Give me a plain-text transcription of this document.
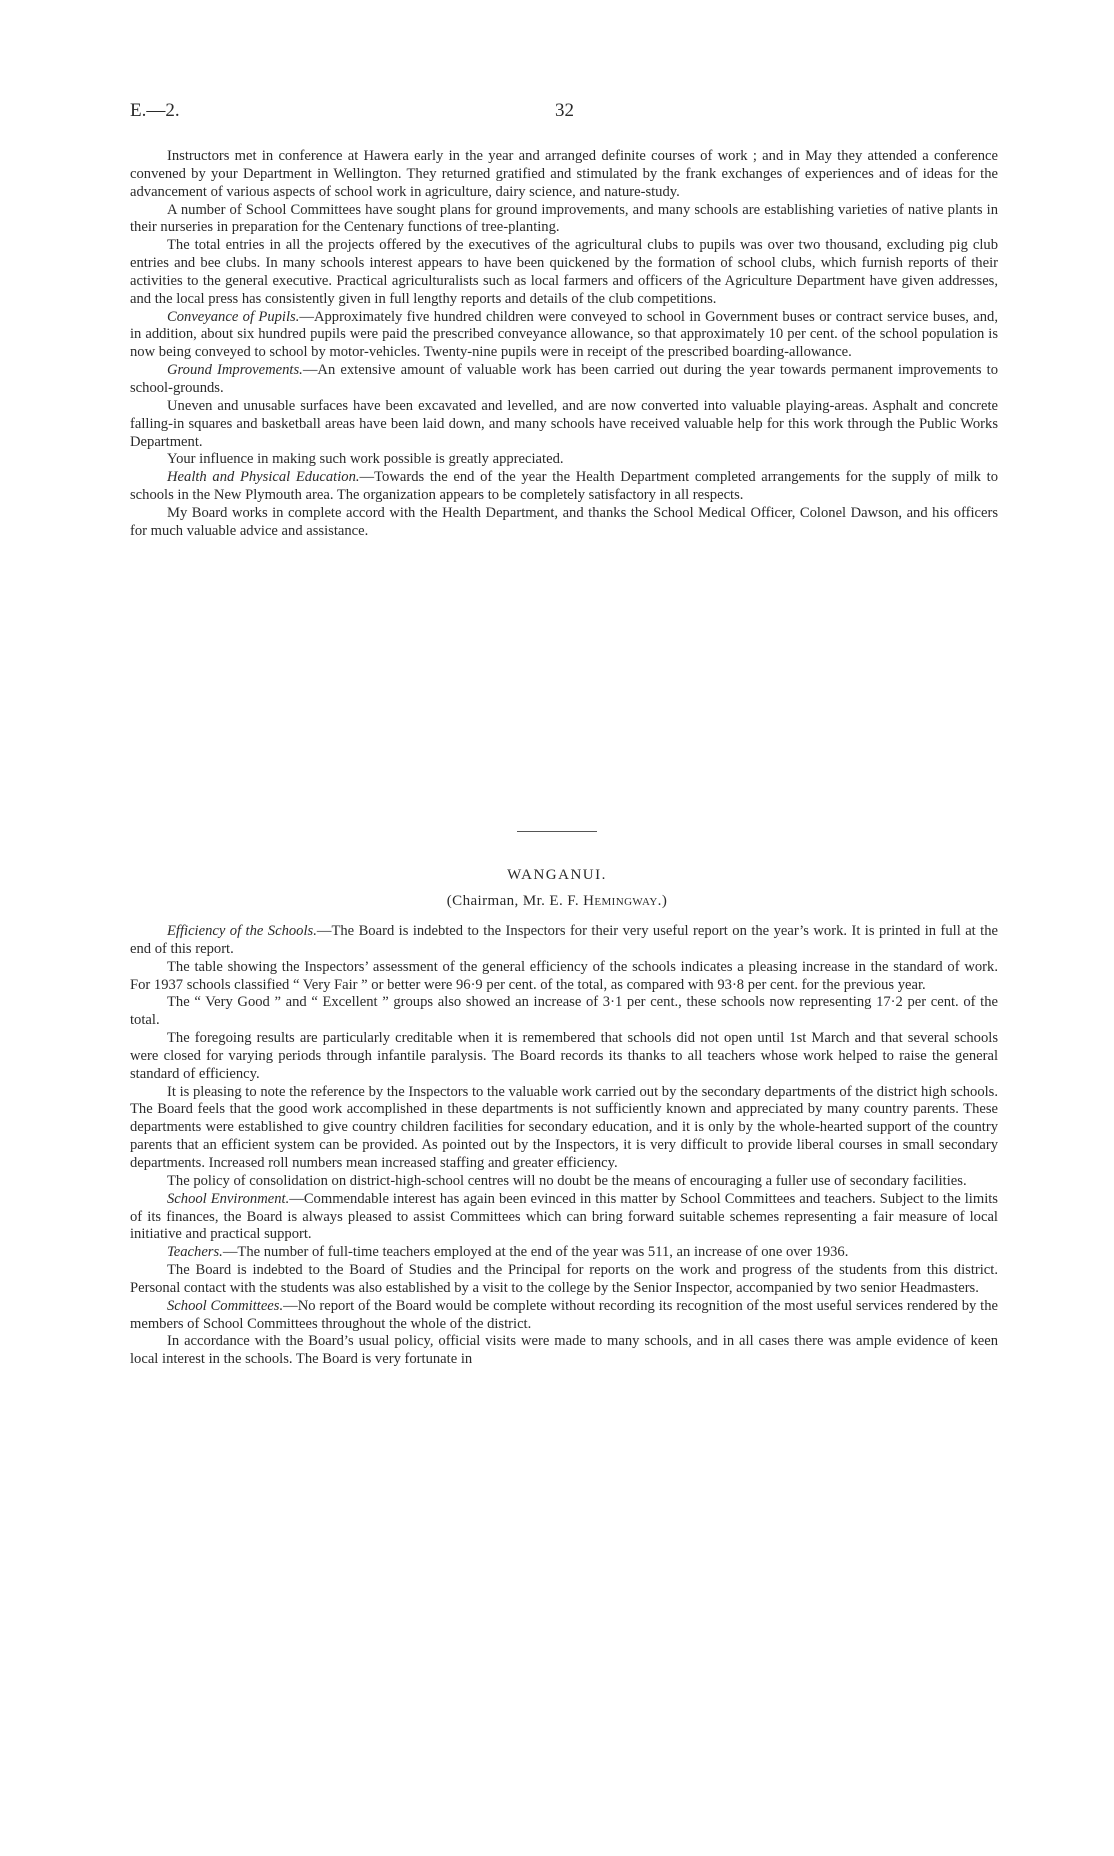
E.—2.	32

Instructors met in conference at Hawera early in the year and arranged definite courses of work ; and in May they attended a conference convened by your Department in Wellington. They returned gratified and stimulated by the frank exchanges of experiences and of ideas for the advancement of various aspects of school work in agriculture, dairy science, and nature-study.

A number of School Committees have sought plans for ground improvements, and many schools are establishing varieties of native plants in their nurseries in preparation for the Centenary functions of tree-planting.

The total entries in all the projects offered by the executives of the agricultural clubs to pupils was over two thousand, excluding pig club entries and bee clubs. In many schools interest appears to have been quickened by the formation of school clubs, which furnish reports of their activities to the general executive. Practical agriculturalists such as local farmers and officers of the Agriculture Department have given addresses, and the local press has consistently given in full lengthy reports and details of the club competitions.

Conveyance of Pupils.—Approximately five hundred children were conveyed to school in Government buses or contract service buses, and, in addition, about six hundred pupils were paid the prescribed conveyance allowance, so that approximately 10 per cent. of the school population is now being conveyed to school by motor-vehicles. Twenty-nine pupils were in receipt of the prescribed boarding-allowance.

Ground Improvements.—An extensive amount of valuable work has been carried out during the year towards permanent improvements to school-grounds.

Uneven and unusable surfaces have been excavated and levelled, and are now converted into valuable playing-areas. Asphalt and concrete falling-in squares and basketball areas have been laid down, and many schools have received valuable help for this work through the Public Works Department.

Your influence in making such work possible is greatly appreciated.

Health and Physical Education.—Towards the end of the year the Health Department completed arrangements for the supply of milk to schools in the New Plymouth area. The organization appears to be completely satisfactory in all respects.

My Board works in complete accord with the Health Department, and thanks the School Medical Officer, Colonel Dawson, and his officers for much valuable advice and assistance.

WANGANUI.
(Chairman, Mr. E. F. Hemingway.)

Efficiency of the Schools.—The Board is indebted to the Inspectors for their very useful report on the year’s work. It is printed in full at the end of this report.

The table showing the Inspectors’ assessment of the general efficiency of the schools indicates a pleasing increase in the standard of work. For 1937 schools classified “ Very Fair ” or better were 96·9 per cent. of the total, as compared with 93·8 per cent. for the previous year.

The “ Very Good ” and “ Excellent ” groups also showed an increase of 3·1 per cent., these schools now representing 17·2 per cent. of the total.

The foregoing results are particularly creditable when it is remembered that schools did not open until 1st March and that several schools were closed for varying periods through infantile paralysis. The Board records its thanks to all teachers whose work helped to raise the general standard of efficiency.

It is pleasing to note the reference by the Inspectors to the valuable work carried out by the secondary departments of the district high schools. The Board feels that the good work accomplished in these departments is not sufficiently known and appreciated by many country parents. These departments were established to give country children facilities for secondary education, and it is only by the whole-hearted support of the country parents that an efficient system can be provided. As pointed out by the Inspectors, it is very difficult to provide liberal courses in small secondary departments. Increased roll numbers mean increased staffing and greater efficiency.

The policy of consolidation on district-high-school centres will no doubt be the means of encouraging a fuller use of secondary facilities.

School Environment.—Commendable interest has again been evinced in this matter by School Committees and teachers. Subject to the limits of its finances, the Board is always pleased to assist Committees which can bring forward suitable schemes representing a fair measure of local initiative and practical support.

Teachers.—The number of full-time teachers employed at the end of the year was 511, an increase of one over 1936.

The Board is indebted to the Board of Studies and the Principal for reports on the work and progress of the students from this district. Personal contact with the students was also established by a visit to the college by the Senior Inspector, accompanied by two senior Headmasters.

School Committees.—No report of the Board would be complete without recording its recognition of the most useful services rendered by the members of School Committees throughout the whole of the district.

In accordance with the Board’s usual policy, official visits were made to many schools, and in all cases there was ample evidence of keen local interest in the schools. The Board is very fortunate in
